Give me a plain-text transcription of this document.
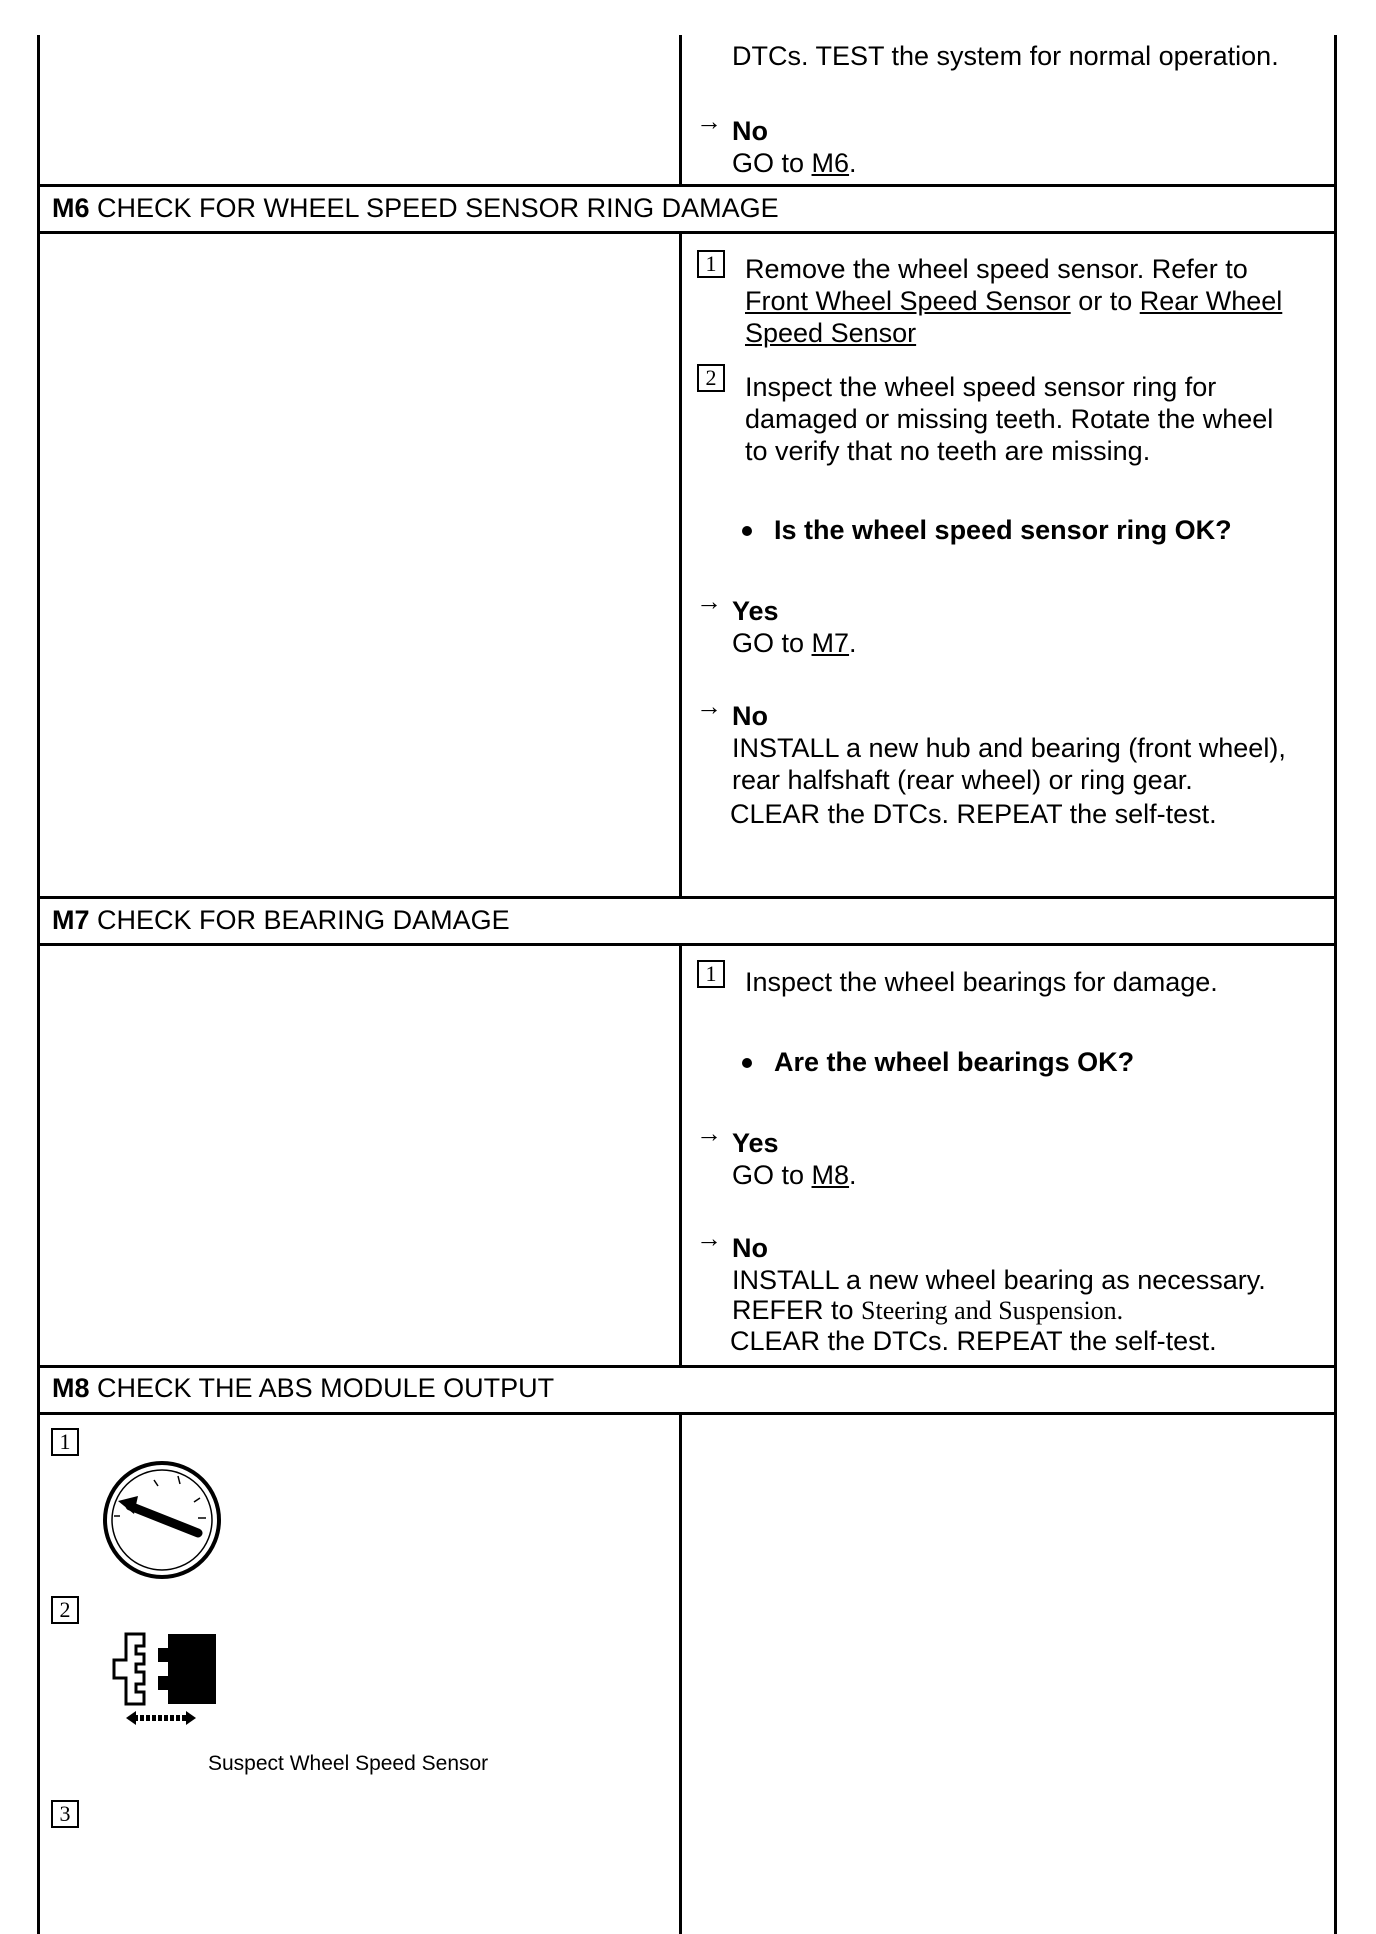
DTCs. TEST the system for normal operation.
→ No
GO to M6.
M6 CHECK FOR WHEEL SPEED SENSOR RING DAMAGE
1	Remove the wheel speed sensor. Refer to
Front Wheel Speed Sensor or to Rear Wheel
Speed Sensor
2	Inspect the wheel speed sensor ring for
damaged or missing teeth. Rotate the wheel
to verify that no teeth are missing.
Is the wheel speed sensor ring OK?
→ Yes
GO to M7.
→ No
INSTALL a new hub and bearing (front wheel),
rear halfshaft (rear wheel) or ring gear.
CLEAR the DTCs. REPEAT the self-test.
M7 CHECK FOR BEARING DAMAGE
1	Inspect the wheel bearings for damage.
Are the wheel bearings OK?
→ Yes
GO to M8.
→ No
INSTALL a new wheel bearing as necessary.
REFER to Steering and Suspension.
CLEAR the DTCs. REPEAT the self-test.
M8 CHECK THE ABS MODULE OUTPUT
1
2
Suspect Wheel Speed Sensor
3
